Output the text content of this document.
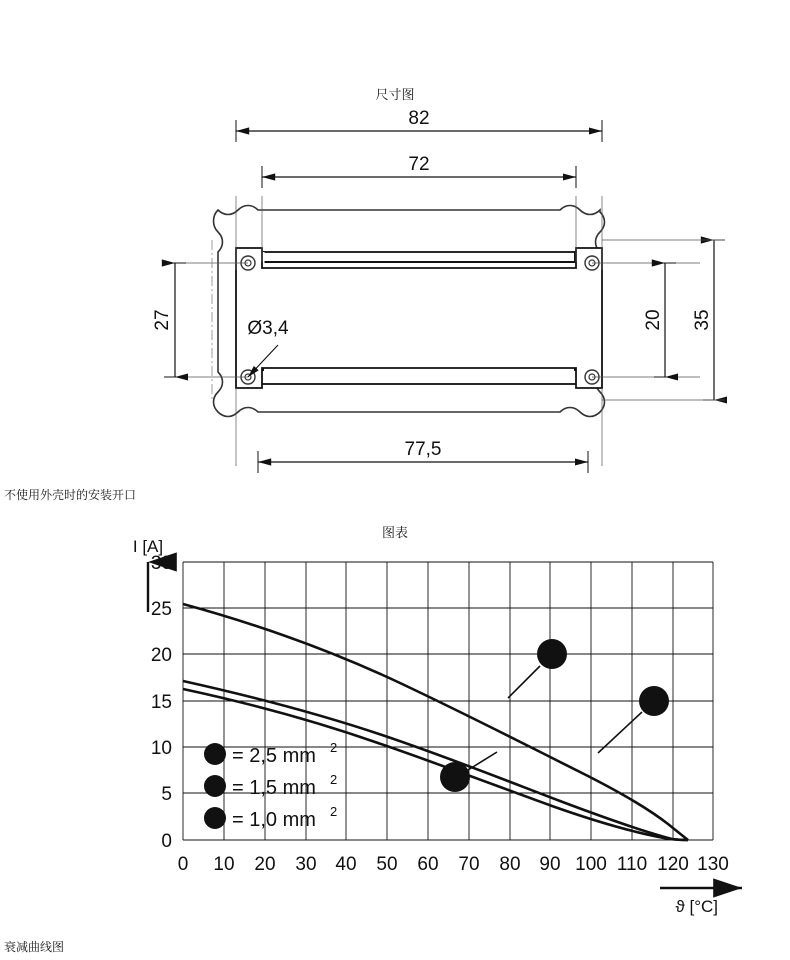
尺寸图
不使用外壳时的安装开口
图表
衰减曲线图
82
72
77,5
27	20 35
Ø3,4
I [A]
ϑ [°C]
30
25
20
15
10
5
0
0 10 20 30 40 50 60 70 80 90 100 110 120 130
1
2
3
1 = 2,5 mm 2
2 = 1,5 mm 2
3 = 1,0 mm 2
